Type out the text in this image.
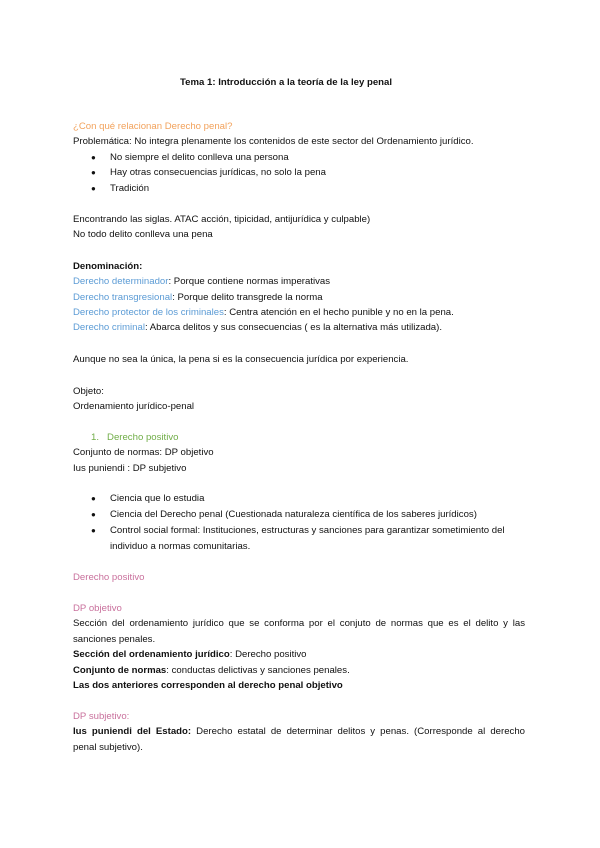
Tema 1: Introducción a la teoría de la ley penal
¿Con qué relacionan Derecho penal?
Problemática: No integra plenamente los contenidos de este sector del Ordenamiento jurídico.
● No siempre el delito conlleva una persona
● Hay otras consecuencias jurídicas, no solo la pena
● Tradición
Encontrando las siglas. ATAC acción, tipicidad, antijurídica y culpable)
No todo delito conlleva una pena
Denominación:
Derecho determinador: Porque contiene normas imperativas
Derecho transgresional: Porque delito transgrede la norma
Derecho protector de los criminales: Centra atención en el hecho punible y no en la pena.
Derecho criminal: Abarca delitos y sus consecuencias ( es la alternativa más utilizada).
Aunque no sea la única, la pena si es la consecuencia jurídica por experiencia.
Objeto:
Ordenamiento jurídico-penal
1. Derecho positivo
Conjunto de normas: DP objetivo
Ius puniendi : DP subjetivo
● Ciencia que lo estudia
● Ciencia del Derecho penal (Cuestionada naturaleza científica de los saberes jurídicos)
● Control social formal: Instituciones, estructuras y sanciones para garantizar sometimiento del
individuo a normas comunitarias.
Derecho positivo
DP objetivo
Sección del ordenamiento jurídico que se conforma por el conjuto de normas que es el delito y las
sanciones penales.
Sección del ordenamiento jurídico: Derecho positivo
Conjunto de normas: conductas delictivas y sanciones penales.
Las dos anteriores corresponden al derecho penal objetivo
DP subjetivo:
Ius puniendi del Estado: Derecho estatal de determinar delitos y penas. (Corresponde al derecho
penal subjetivo).
